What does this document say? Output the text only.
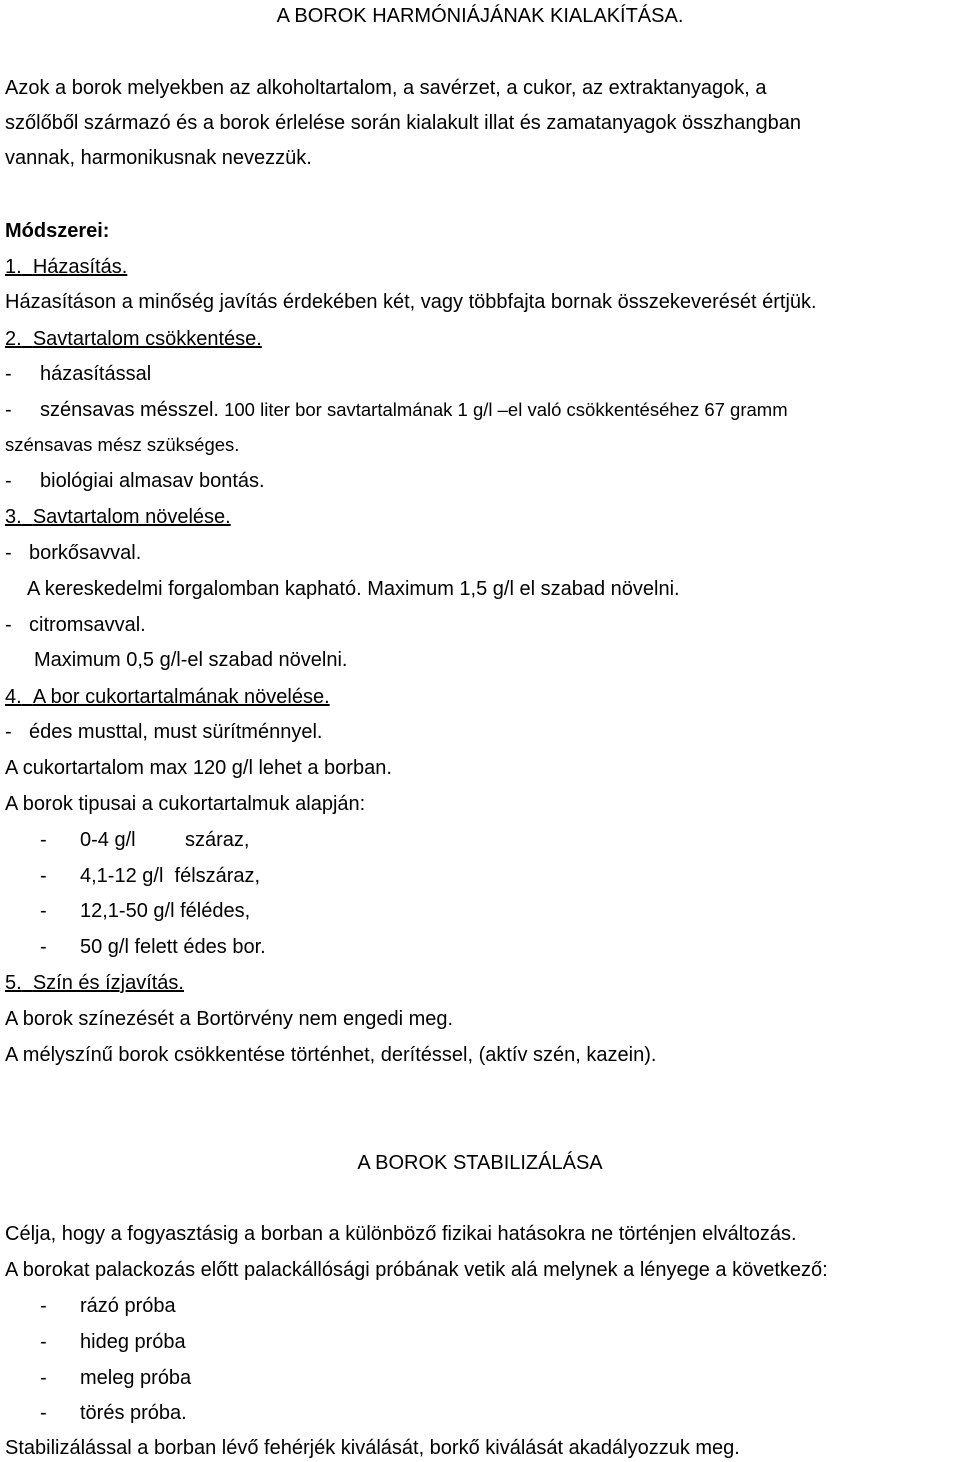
A BOROK HARMÓNIÁJÁNAK KIALAKÍTÁSA.
Azok a borok melyekben az alkoholtartalom, a savérzet, a cukor, az extraktanyagok, a
szőlőből származó és a borok érlelése során kialakult illat és zamatanyagok összhangban
vannak, harmonikusnak nevezzük.
Módszerei:
1. Házasítás.
Házasításon a minőség javítás érdekében két, vagy többfajta bornak összekeverését értjük.
2. Savtartalom csökkentése.
- házasítással
- szénsavas mésszel. 100 liter bor savtartalmának 1 g/l –el való csökkentéséhez 67 gramm
szénsavas mész szükséges.
- biológiai almasav bontás.
3. Savtartalom növelése.
- borkősavval.
A kereskedelmi forgalomban kapható. Maximum 1,5 g/l el szabad növelni.
- citromsavval.
Maximum 0,5 g/l-el szabad növelni.
4. A bor cukortartalmának növelése.
- édes musttal, must sürítménnyel.
A cukortartalom max 120 g/l lehet a borban.
A borok tipusai a cukortartalmuk alapján:
- 0-4 g/l száraz,
- 4,1-12 g/l félszáraz,
- 12,1-50 g/l félédes,
- 50 g/l felett édes bor.
5. Szín és ízjavítás.
A borok színezését a Bortörvény nem engedi meg.
A mélyszínű borok csökkentése történhet, derítéssel, (aktív szén, kazein).
A BOROK STABILIZÁLÁSA
Célja, hogy a fogyasztásig a borban a különböző fizikai hatásokra ne történjen elváltozás.
A borokat palackozás előtt palackállósági próbának vetik alá melynek a lényege a következő:
- rázó próba
- hideg próba
- meleg próba
- törés próba.
Stabilizálással a borban lévő fehérjék kiválását, borkő kiválását akadályozzuk meg.
